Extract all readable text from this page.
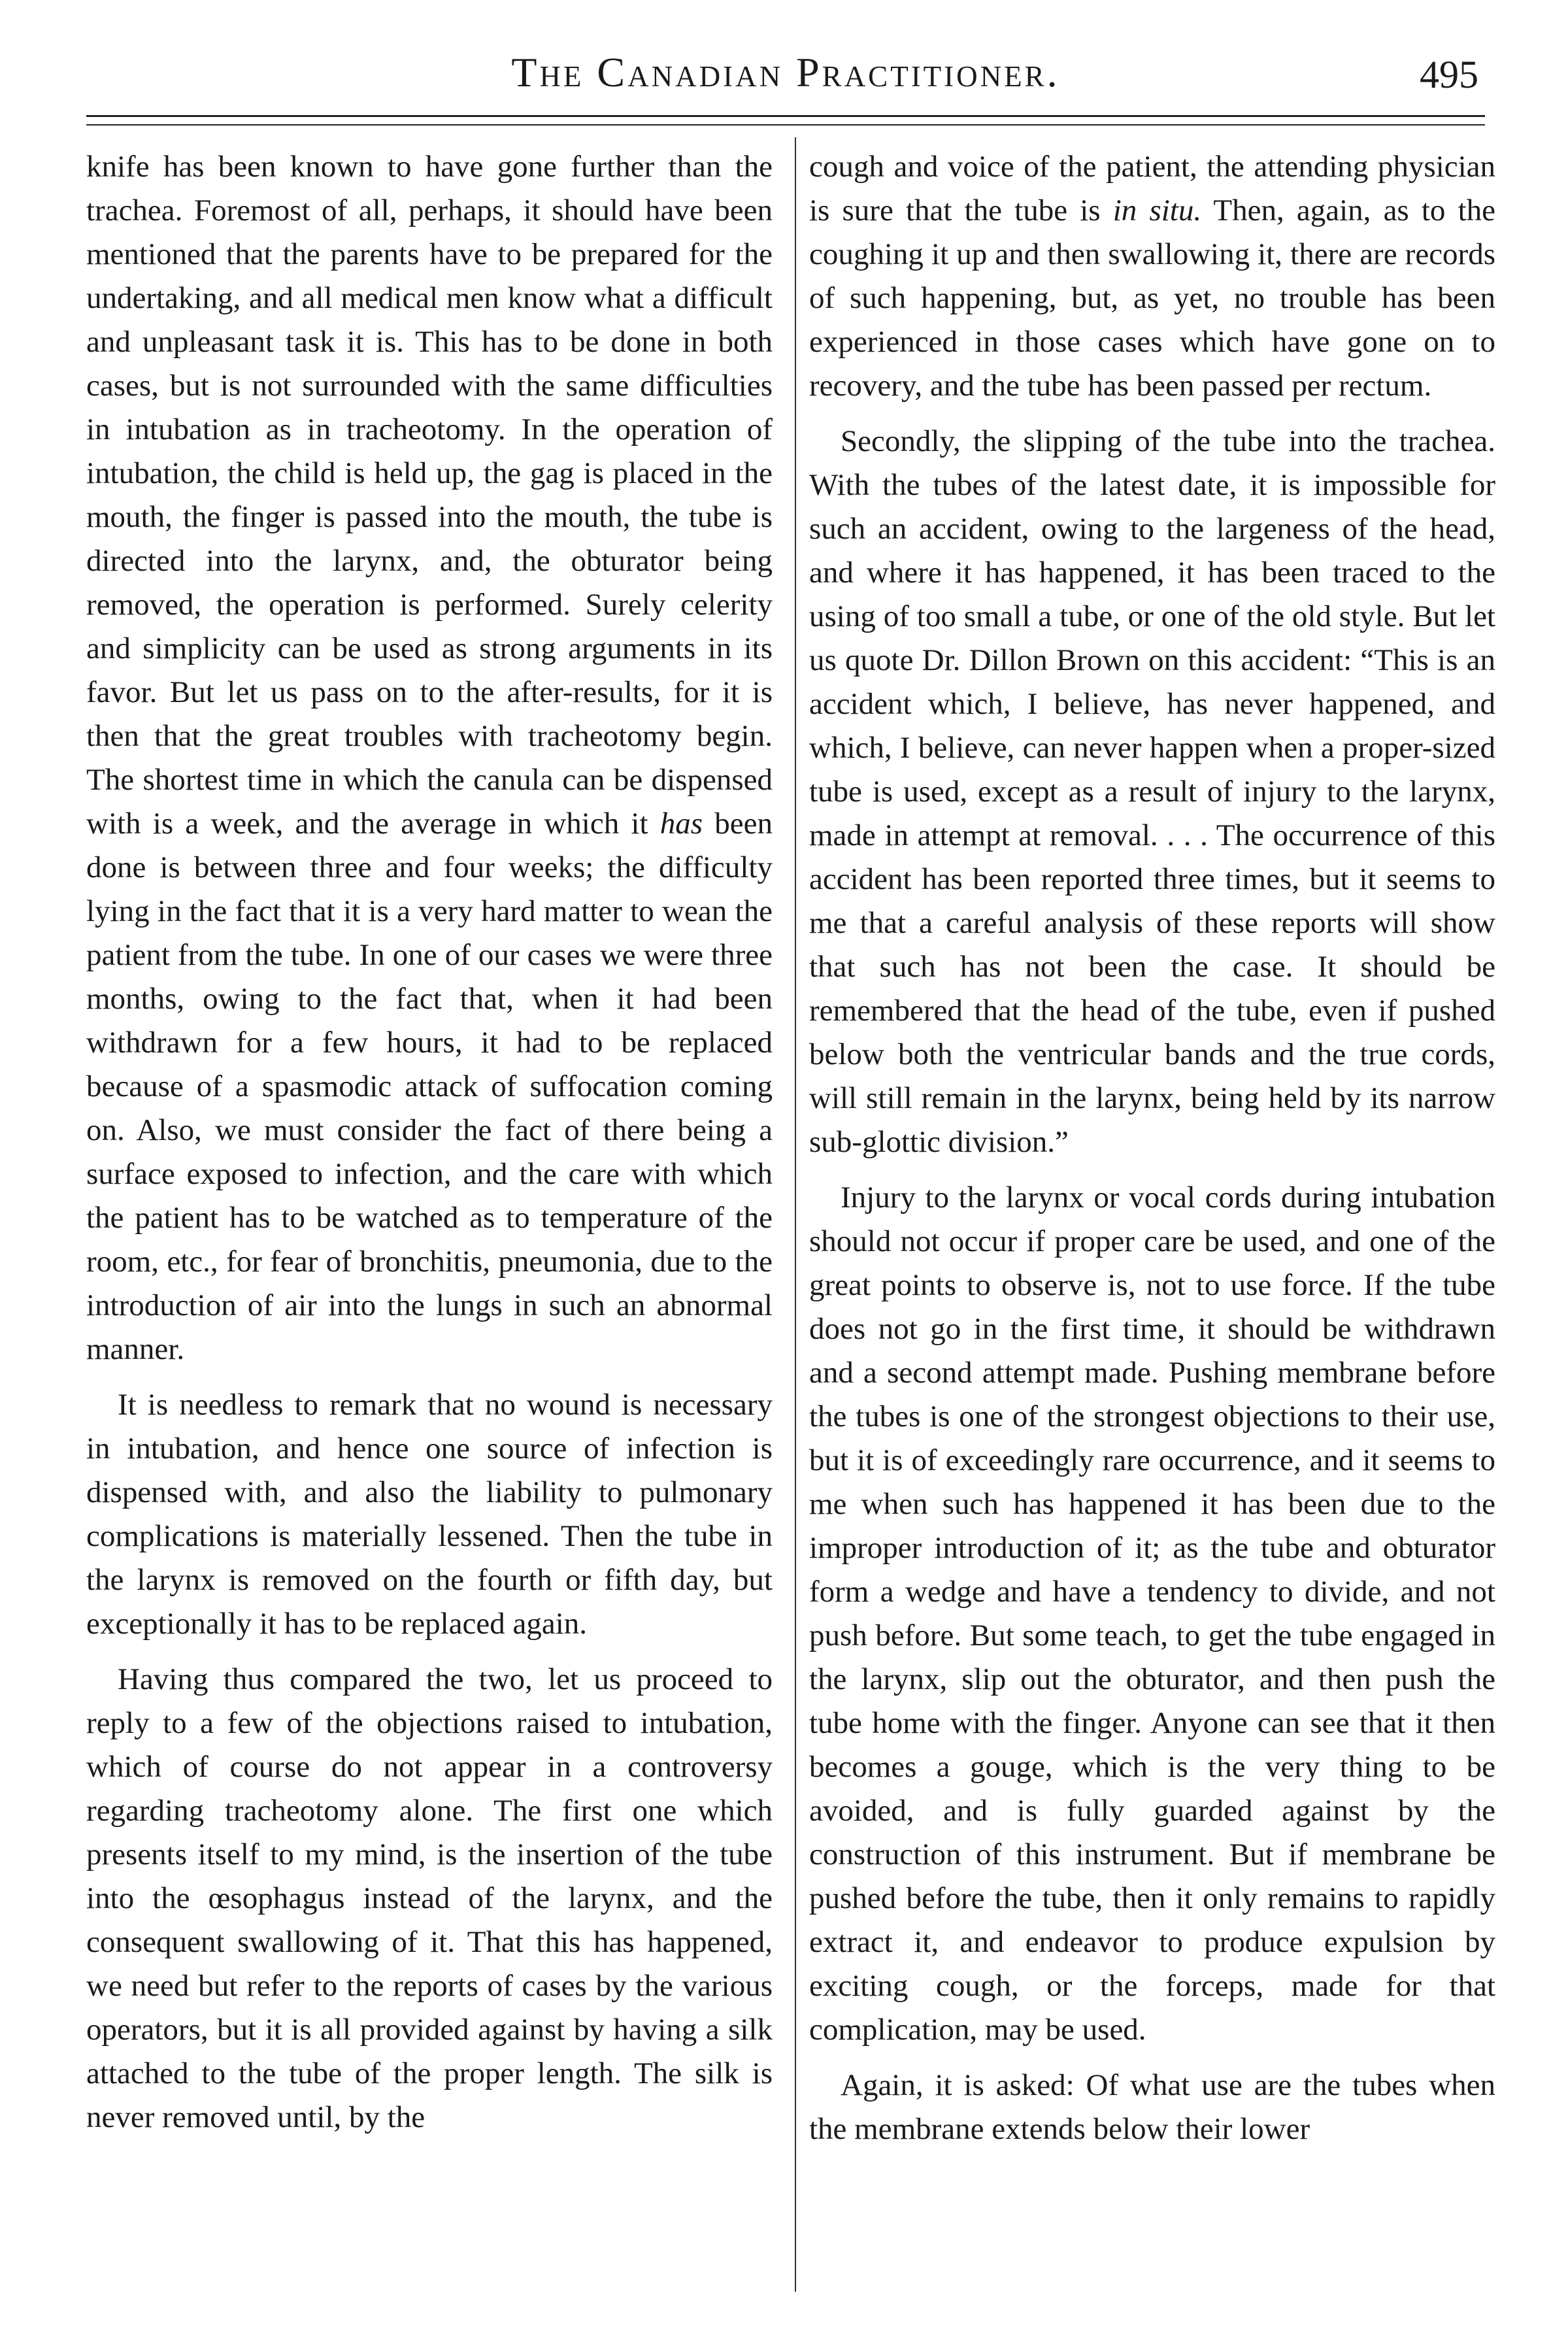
The Canadian Practitioner.	495

knife has been known to have gone further than the trachea. Foremost of all, perhaps, it should have been mentioned that the parents have to be prepared for the undertaking, and all medical men know what a difficult and unpleasant task it is. This has to be done in both cases, but is not surrounded with the same difficulties in intubation as in tracheotomy. In the operation of intubation, the child is held up, the gag is placed in the mouth, the finger is passed into the mouth, the tube is directed into the larynx, and, the obturator being removed, the operation is performed. Surely celerity and simplicity can be used as strong arguments in its favor. But let us pass on to the after-results, for it is then that the great troubles with tracheotomy begin. The shortest time in which the canula can be dispensed with is a week, and the average in which it has been done is between three and four weeks; the difficulty lying in the fact that it is a very hard matter to wean the patient from the tube. In one of our cases we were three months, owing to the fact that, when it had been withdrawn for a few hours, it had to be replaced because of a spasmodic attack of suffocation coming on. Also, we must consider the fact of there being a surface exposed to infection, and the care with which the patient has to be watched as to temperature of the room, etc., for fear of bronchitis, pneumonia, due to the introduction of air into the lungs in such an abnormal manner.

It is needless to remark that no wound is necessary in intubation, and hence one source of infection is dispensed with, and also the liability to pulmonary complications is materially lessened. Then the tube in the larynx is removed on the fourth or fifth day, but exceptionally it has to be replaced again.

Having thus compared the two, let us proceed to reply to a few of the objections raised to intubation, which of course do not appear in a controversy regarding tracheotomy alone. The first one which presents itself to my mind, is the insertion of the tube into the œsophagus instead of the larynx, and the consequent swallowing of it. That this has happened, we need but refer to the reports of cases by the various operators, but it is all provided against by having a silk attached to the tube of the proper length. The silk is never removed until, by the

cough and voice of the patient, the attending physician is sure that the tube is in situ. Then, again, as to the coughing it up and then swallowing it, there are records of such happening, but, as yet, no trouble has been experienced in those cases which have gone on to recovery, and the tube has been passed per rectum.

Secondly, the slipping of the tube into the trachea. With the tubes of the latest date, it is impossible for such an accident, owing to the largeness of the head, and where it has happened, it has been traced to the using of too small a tube, or one of the old style. But let us quote Dr. Dillon Brown on this accident: “This is an accident which, I believe, has never happened, and which, I believe, can never happen when a proper-sized tube is used, except as a result of injury to the larynx, made in attempt at removal. . . . The occurrence of this accident has been reported three times, but it seems to me that a careful analysis of these reports will show that such has not been the case. It should be remembered that the head of the tube, even if pushed below both the ventricular bands and the true cords, will still remain in the larynx, being held by its narrow sub-glottic division.”

Injury to the larynx or vocal cords during intubation should not occur if proper care be used, and one of the great points to observe is, not to use force. If the tube does not go in the first time, it should be withdrawn and a second attempt made. Pushing membrane before the tubes is one of the strongest objections to their use, but it is of exceedingly rare occurrence, and it seems to me when such has happened it has been due to the improper introduction of it; as the tube and obturator form a wedge and have a tendency to divide, and not push before. But some teach, to get the tube engaged in the larynx, slip out the obturator, and then push the tube home with the finger. Anyone can see that it then becomes a gouge, which is the very thing to be avoided, and is fully guarded against by the construction of this instrument. But if membrane be pushed before the tube, then it only remains to rapidly extract it, and endeavor to produce expulsion by exciting cough, or the forceps, made for that complication, may be used.

Again, it is asked: Of what use are the tubes when the membrane extends below their lower
